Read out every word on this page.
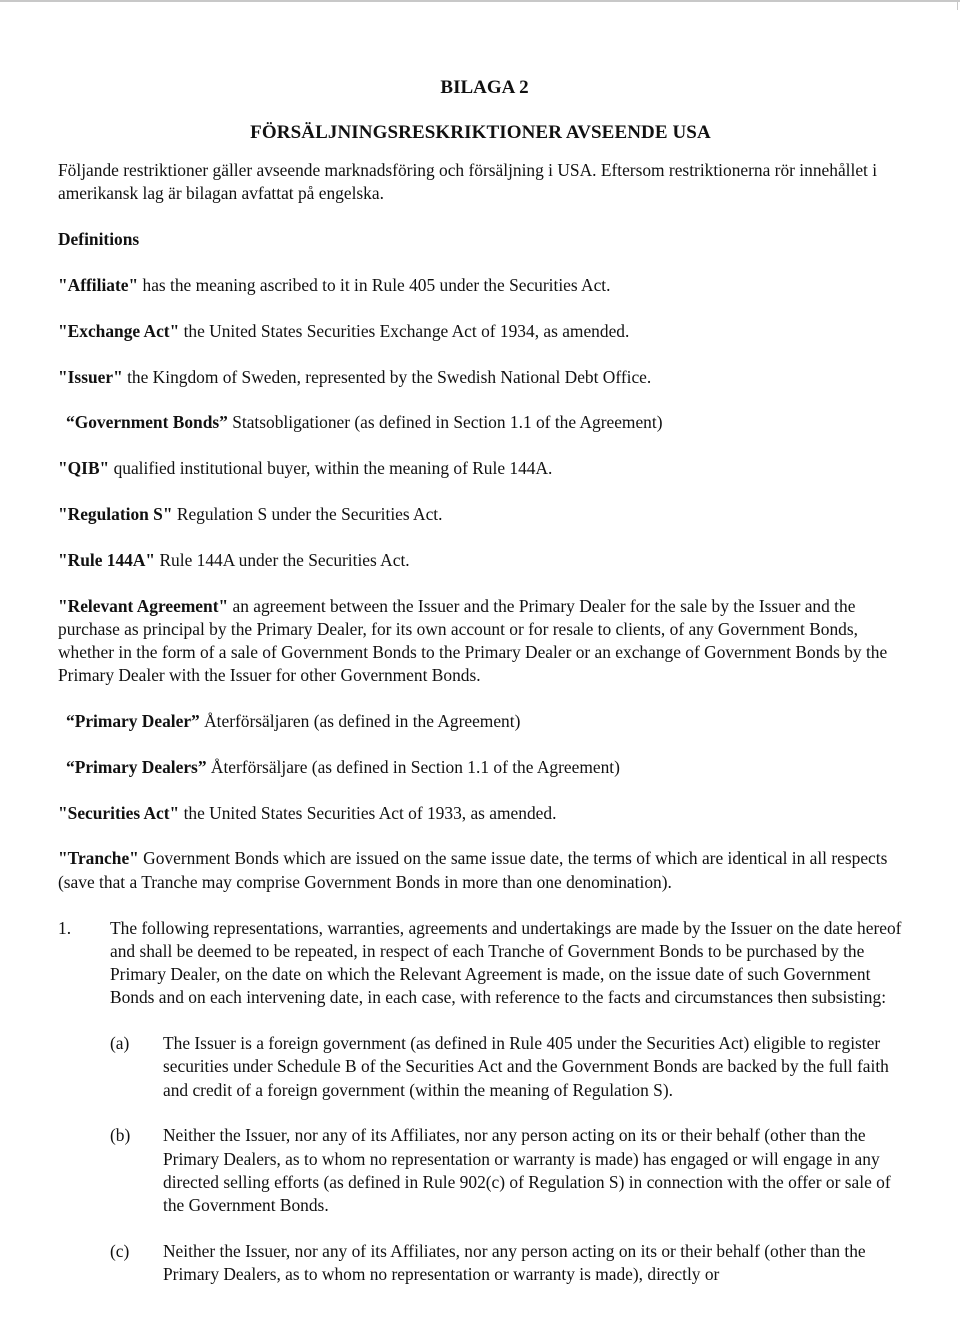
BILAGA 2

FÖRSÄLJNINGSRESKRIKTIONER AVSEENDE USA

Följande restriktioner gäller avseende marknadsföring och försäljning i USA. Eftersom restriktionerna rör innehållet i amerikansk lag är bilagan avfattat på engelska.

Definitions

"Affiliate" has the meaning ascribed to it in Rule 405 under the Securities Act.

"Exchange Act" the United States Securities Exchange Act of 1934, as amended.

"Issuer" the Kingdom of Sweden, represented by the Swedish National Debt Office.

“Government Bonds” Statsobligationer (as defined in Section 1.1 of the Agreement)

"QIB" qualified institutional buyer, within the meaning of Rule 144A.

"Regulation S" Regulation S under the Securities Act.

"Rule 144A" Rule 144A under the Securities Act.

"Relevant Agreement" an agreement between the Issuer and the Primary Dealer for the sale by the Issuer and the purchase as principal by the Primary Dealer, for its own account or for resale to clients, of any Government Bonds, whether in the form of a sale of Government Bonds to the Primary Dealer or an exchange of Government Bonds by the Primary Dealer with the Issuer for other Government Bonds.

“Primary Dealer” Återförsäljaren (as defined in the Agreement)

“Primary Dealers” Återförsäljare (as defined in Section 1.1 of the Agreement)

"Securities Act" the United States Securities Act of 1933, as amended.

"Tranche" Government Bonds which are issued on the same issue date, the terms of which are identical in all respects (save that a Tranche may comprise Government Bonds in more than one denomination).

1.	The following representations, warranties, agreements and undertakings are made by the Issuer on the date hereof and shall be deemed to be repeated, in respect of each Tranche of Government Bonds to be purchased by the Primary Dealer, on the date on which the Relevant Agreement is made, on the issue date of such Government Bonds and on each intervening date, in each case, with reference to the facts and circumstances then subsisting:
(a)	The Issuer is a foreign government (as defined in Rule 405 under the Securities Act) eligible to register securities under Schedule B of the Securities Act and the Government Bonds are backed by the full faith and credit of a foreign government (within the meaning of Regulation S).
(b)	Neither the Issuer, nor any of its Affiliates, nor any person acting on its or their behalf (other than the Primary Dealers, as to whom no representation or warranty is made) has engaged or will engage in any directed selling efforts (as defined in Rule 902(c) of Regulation S) in connection with the offer or sale of the Government Bonds.
(c)	Neither the Issuer, nor any of its Affiliates, nor any person acting on its or their behalf (other than the Primary Dealers, as to whom no representation or warranty is made), directly or
